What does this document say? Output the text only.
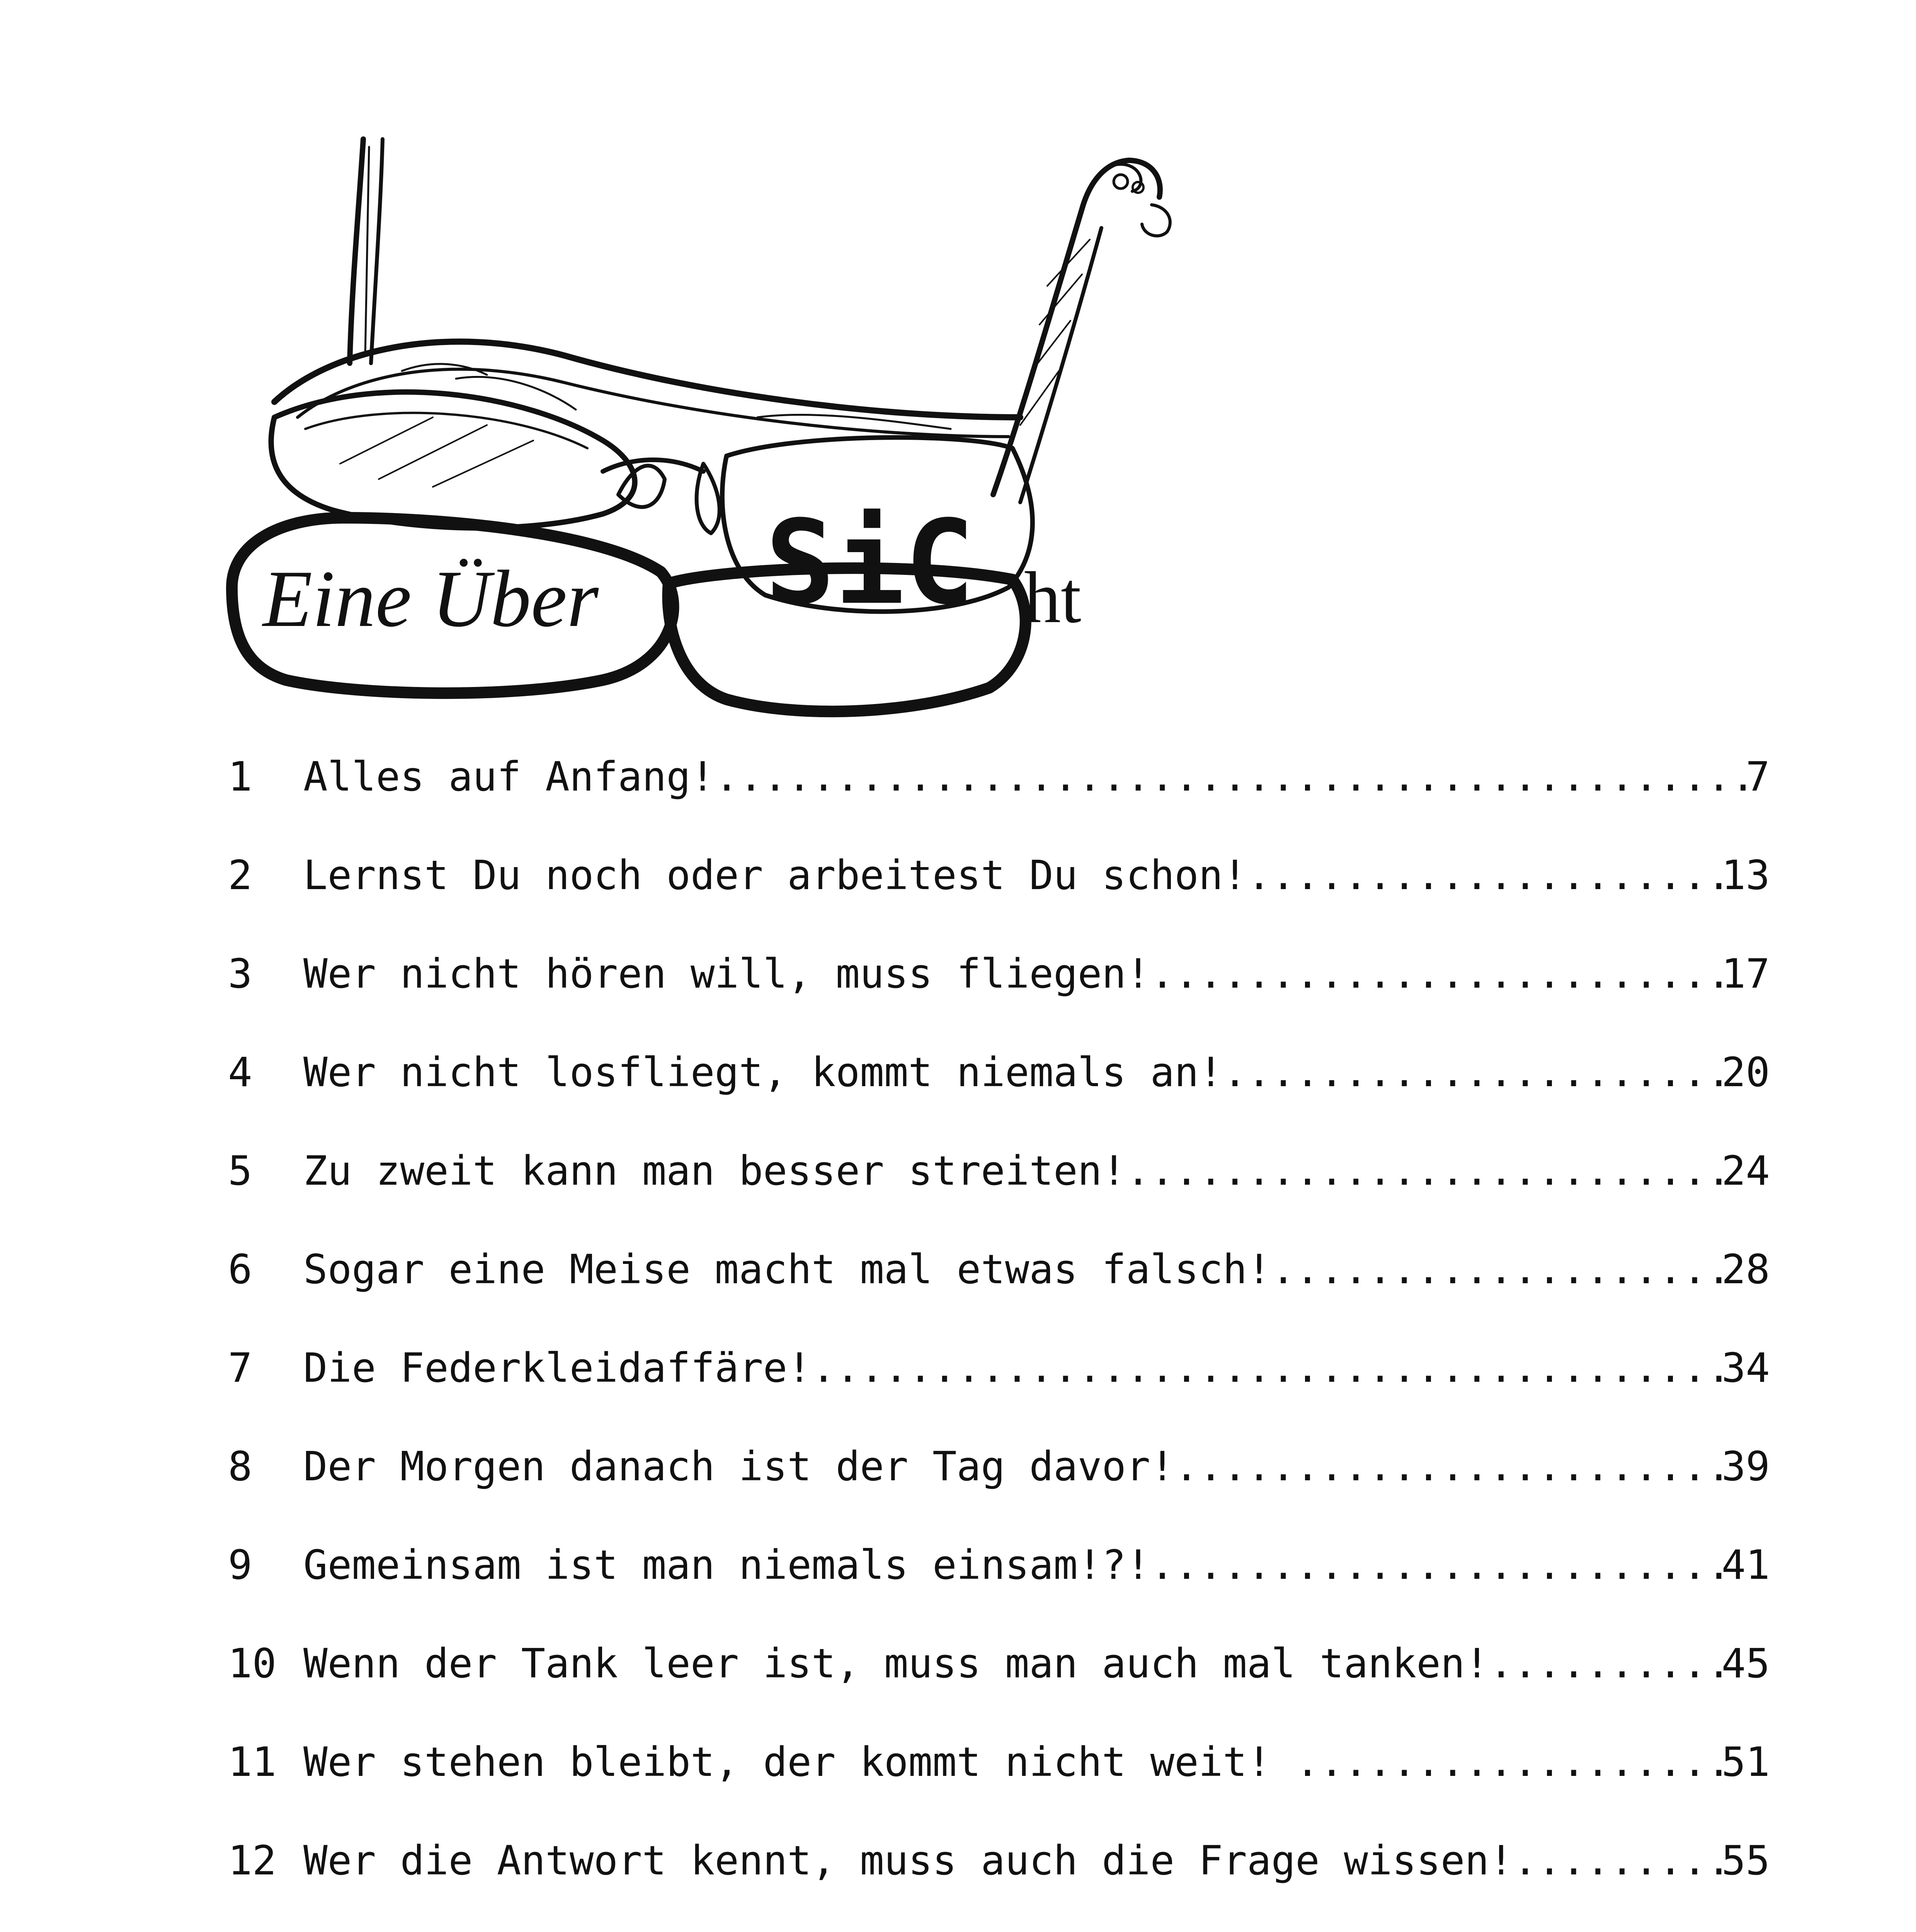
Eine Über SiC ht
1	Alles auf Anfang! .....	7
2	Lernst Du noch oder arbeitest Du schon! .....	13
3	Wer nicht hören will, muss fliegen! .....	17
4	Wer nicht losfliegt, kommt niemals an! .....	20
5	Zu zweit kann man besser streiten! .....	24
6	Sogar eine Meise macht mal etwas falsch! .....	28
7	Die Federkleidaffäre! .....	34
8	Der Morgen danach ist der Tag davor! .....	39
9	Gemeinsam ist man niemals einsam!?! .....	41
10 Wenn der Tank leer ist, muss man auch mal tanken! .....	45
11 Wer stehen bleibt, der kommt nicht weit! .....	51
12 Wer die Antwort kennt, muss auch die Frage wissen! .....	55
